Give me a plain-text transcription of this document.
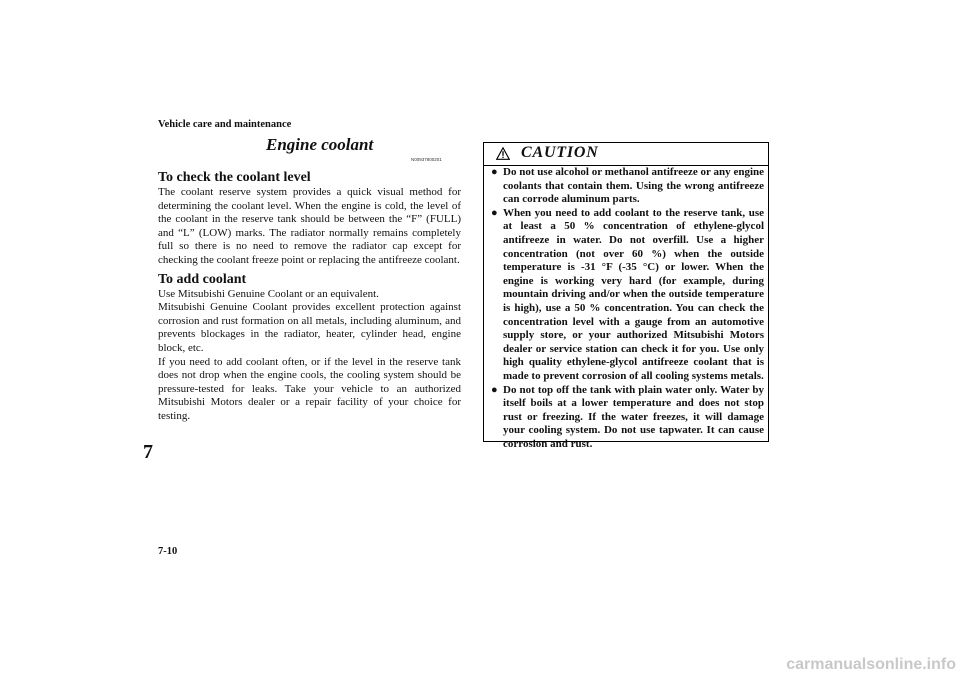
Vehicle care and maintenance
7
7-10
Engine coolant
N00937800201
To check the coolant level

The coolant reserve system provides a quick visual method for determining the coolant level. When the engine is cold, the level of the coolant in the reserve tank should be between the “F” (FULL) and “L” (LOW) marks. The radiator normally remains completely full so there is no need to remove the radiator cap except for checking the coolant freeze point or replacing the antifreeze coolant.

To add coolant

Use Mitsubishi Genuine Coolant or an equivalent.

Mitsubishi Genuine Coolant provides excellent protection against corrosion and rust formation on all metals, including aluminum, and prevents blockages in the radiator, heater, cylinder head, engine block, etc.

If you need to add coolant often, or if the level in the reserve tank does not drop when the engine cools, the cooling system should be pressure-tested for leaks. Take your vehicle to an authorized Mitsubishi Motors dealer or a repair facility of your choice for testing.

CAUTION
● Do not use alcohol or methanol antifreeze or any engine coolants that contain them. Using the wrong antifreeze can corrode aluminum parts.

● When you need to add coolant to the reserve tank, use at least a 50 % concentration of ethylene-glycol antifreeze in water. Do not overfill. Use a higher concentration (not over 60 %) when the outside temperature is -31 °F (-35 °C) or lower. When the engine is working very hard (for example, during mountain driving and/or when the outside temperature is high), use a 50 % concentration. You can check the concentration level with a gauge from an automotive supply store, or your authorized Mitsubishi Motors dealer or service station can check it for you. Use only high quality ethylene-glycol antifreeze coolant that is made to prevent corrosion of all cooling systems metals.

● Do not top off the tank with plain water only. Water by itself boils at a lower temperature and does not stop rust or freezing. If the water freezes, it will damage your cooling system. Do not use tapwater. It can cause corrosion and rust.

carmanualsonline.info
